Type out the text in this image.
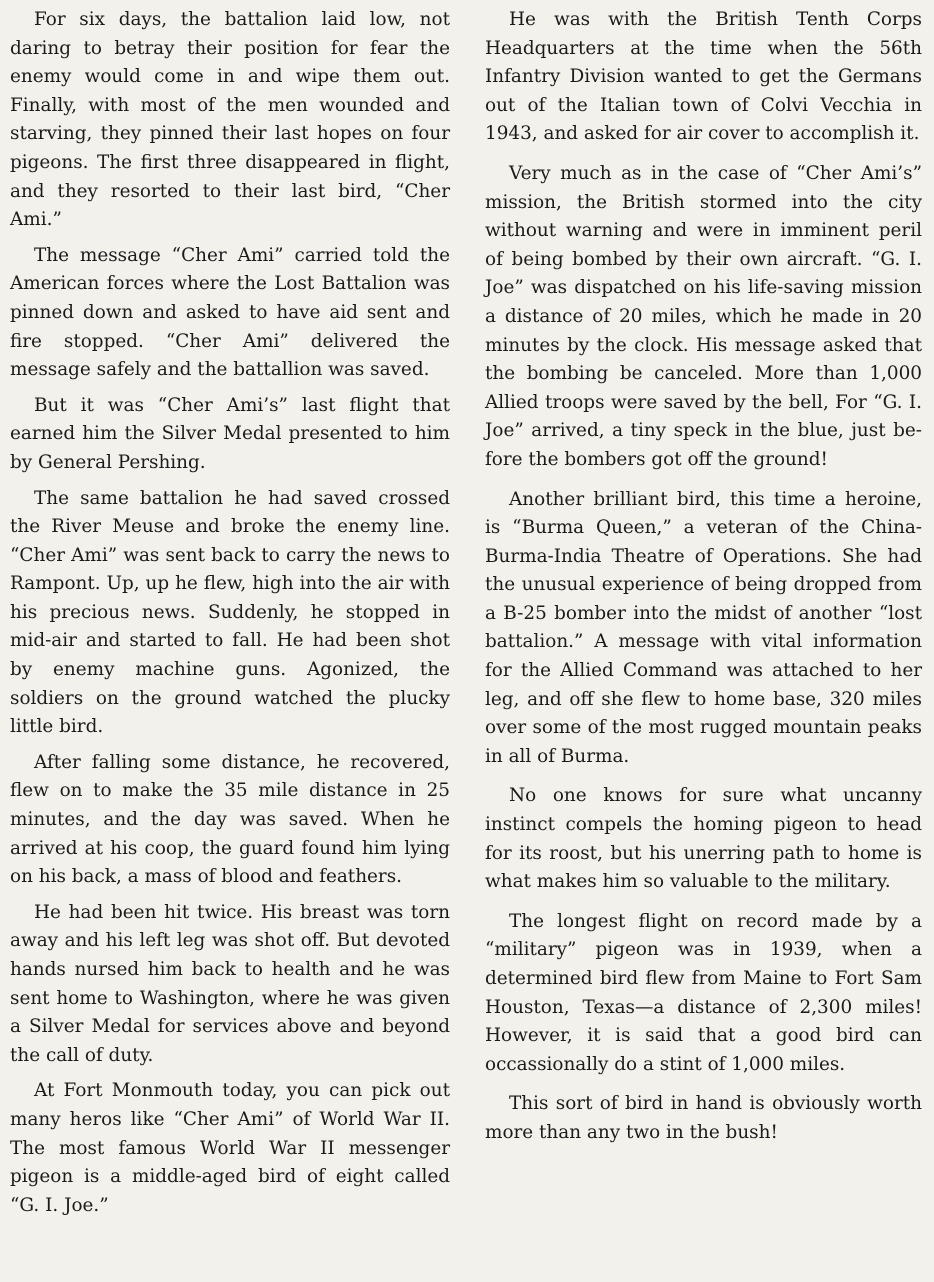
For six days, the battalion laid low, not daring to betray their position for fear the enemy would come in and wipe them out. Finally, with most of the men wounded and starving, they pinned their last hopes on four pigeons. The first three disappeared in flight, and they resorted to their last bird, “Cher Ami.”

The message “Cher Ami” carried told the American forces where the Lost Battalion was pinned down and asked to have aid sent and fire stopped. “Cher Ami” delivered the message safely and the battallion was saved.

But it was “Cher Ami’s” last flight that earned him the Silver Medal presented to him by General Pershing.

The same battalion he had saved crossed the River Meuse and broke the enemy line. “Cher Ami” was sent back to carry the news to Rampont. Up, up he flew, high into the air with his precious news. Suddenly, he stopped in mid-air and started to fall. He had been shot by enemy machine guns. Agonized, the soldiers on the ground watched the plucky little bird.

After falling some distance, he recovered, flew on to make the 35 mile distance in 25 minutes, and the day was saved. When he arrived at his coop, the guard found him lying on his back, a mass of blood and feathers.

He had been hit twice. His breast was torn away and his left leg was shot off. But devoted hands nursed him back to health and he was sent home to Washington, where he was given a Silver Medal for services above and beyond the call of duty.

At Fort Monmouth today, you can pick out many heros like “Cher Ami” of World War II. The most famous World War II messenger pigeon is a middle-aged bird of eight called “G. I. Joe.”

He was with the British Tenth Corps Headquarters at the time when the 56th Infantry Division wanted to get the Germans out of the Italian town of Colvi Vecchia in 1943, and asked for air cover to accomplish it.

Very much as in the case of “Cher Ami’s” mission, the British stormed into the city without warning and were in imminent peril of being bombed by their own aircraft. “G. I. Joe” was dispatched on his life-saving mission a distance of 20 miles, which he made in 20 minutes by the clock. His message asked that the bombing be canceled. More than 1,000 Allied troops were saved by the bell, For “G. I. Joe” arrived, a tiny speck in the blue, just before the bombers got off the ground!

Another brilliant bird, this time a heroine, is “Burma Queen,” a veteran of the China-Burma-India Theatre of Operations. She had the unusual experience of being dropped from a B-25 bomber into the midst of another “lost battalion.” A message with vital information for the Allied Command was attached to her leg, and off she flew to home base, 320 miles over some of the most rugged mountain peaks in all of Burma.

No one knows for sure what uncanny instinct compels the homing pigeon to head for its roost, but his unerring path to home is what makes him so valuable to the military.

The longest flight on record made by a “military” pigeon was in 1939, when a determined bird flew from Maine to Fort Sam Houston, Texas—a distance of 2,300 miles! However, it is said that a good bird can occassionally do a stint of 1,000 miles.

This sort of bird in hand is obviously worth more than any two in the bush!
